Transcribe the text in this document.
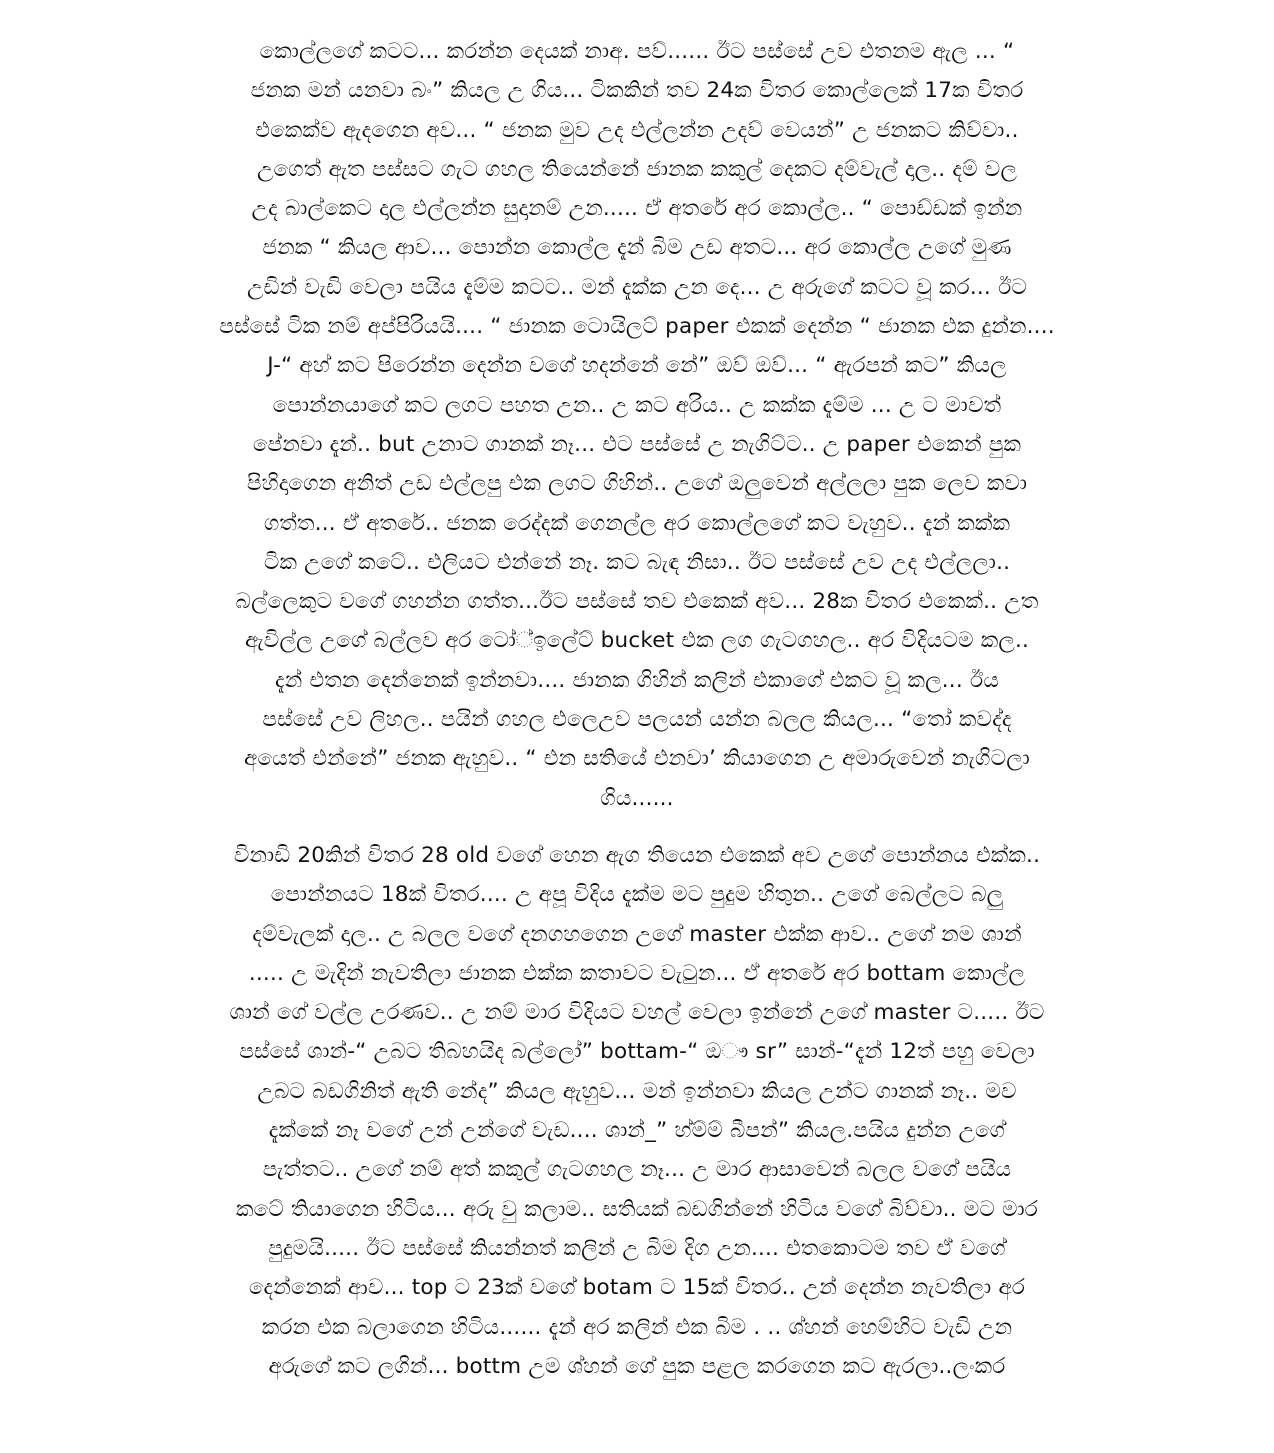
කොල්ලගේ කටට... කරන්න දෙයක් නාඅ. පව්...... ඊට පස්සේ උව එතනම ඇල ... “
ජනක මන් යනවා බං” කියල උ ගිය... ටිකකින් තව 24ක විතර කොල්ලෙක් 17ක විතර
එකෙක්ව ඇදගෙන අව... “ ජනක මුව උද එල්ලන්න උදව් වෙයන්” උ ජනකට කිව්වා..
උගෙත් ඇත පස්සට ගැට ගහල තියෙන්නේ ජානක කකුල් දෙකට දම්වැල් දාල.. දම් වල
උද බාල්කෙට දාල එල්ලන්න සුදානම් උන..... ඒ අතරේ අර කොල්ල.. “ පොඩ්ඩක් ඉන්න
ජනක “ කියල ආව... පොන්න කොල්ල දැන් බිම උඩ අතට... අර කොල්ල උගේ මුණ
උඩින් වැඩි වෙලා පයිය දැම්ම කටට.. මන් දැක්ක උන දෙ... උ අරුගේ කටට වූ කර... ඊට
පස්සේ ටික නම් අප්පිරියයි.... “ ජානක ටොයිලට් paper එකක් දෙන්න “ ජානක එක දුන්න....
J-“ අහ් කට පිරෙන්න දෙන්න වගේ හදන්නේ නේ” ඔව් ඔව්... “ ඇරපන් කට” කියල
පොන්නයාගේ කට ලගට පහත උන.. උ කට අරිය.. උ කක්ක දැම්ම ... උ ට මාවත්
පේනවා දැන්.. but උනාට ගානක් නෑ... එට පස්සේ උ නැගිට්ට.. උ paper එකෙන් පුක
පිහිදාගෙන අනිත් උඩ එල්ලපු එක ලගට ගිහින්.. උගේ ඔලුවෙන් අල්ලලා පුක ලෙව කවා
ගත්ත... ඒ අතරේ.. ජනක රෙද්දක් ගෙනල්ල අර කොල්ලගේ කට වැහුව.. දැන් කක්ක
ටික උගේ කටේ.. එලියට එන්නේ නෑ. කට බැඳ නිසා.. ඊට පස්සේ උව උද එල්ලලා..
බල්ලෙකුට වගේ ගහන්න ගත්ත...ඊට පස්සේ තව එකෙක් අව... 28ක විතර එකෙක්.. උත
ඇවිල්ල උගේ බල්ලව අර ටෝ්ඉලේට් bucket එක ලග ගැටගහල.. අර විදියටම කල..
දැන් එතන දෙන්නෙක් ඉන්නවා.... ජානක ගිහින් කලින් එකාගේ එකට වූ කල... ඊය
පස්සේ උව ලිහල.. පයින් ගහල එලෙඋව පලයන් යන්න බලල කියල... “තෝ කවද්ද
අයෙත් එන්නේ” ජනක ඇහුව.. “ එන සතියේ එනවා’ කියාගෙන උ අමාරුවෙන් නැගිටලා
ගිය......
විනාඩි 20කින් විතර 28 old වගේ හෙන ඇග තියෙන එකෙක් අව උගේ පොන්නය එක්ක..
පොන්නයට 18ක් විතර.... උ අපූ විදිය දැක්ම මට පුදුම හිතුන.. උගේ බෙල්ලට බලු
දම්වැලක් දාල.. උ බලල වගේ දනගහගෙන උගේ master එක්ක ආව.. උගේ නම ශාන්
..... උ මැදින් නැවතිලා ජානක එක්ක කතාවට වැටුන... ඒ අතරේ අර bottam කොල්ල
ශාන් ගේ වල්ල උරණව.. උ නම් මාර විදියට වහල් වෙලා ඉන්නේ උගේ master ට..... ඊට
පස්සේ ශාන්-“ උබට තිබහයිද බල්ලෝ” bottam-“ ඔෟ sr” සාන්-“දැන් 12ත් පහු වෙලා
උබට බඩගිනිත් ඇති නේද” කියල ඇහුව... මන් ඉන්නවා කියල උන්ට ගානක් නෑ.. මව
දැක්කේ නෑ වගේ උන් උන්ගේ වැඩ.... ශාන්_” හ්ම්ම් බීපන්” කියල.පයිය දුන්න උගේ
පැත්තට.. උගේ නම් අත් කකුල් ගැටගහල නෑ... උ මාර ආසාවෙන් බලල වගේ පයිය
කටේ තියාගෙන හිටිය... අරු වු කලාම.. සතියක් බඩගින්නේ හිටිය වගේ බිව්වා.. මට මාර
පුදුමයි..... ඊට පස්සේ කියන්නත් කලින් උ බිම දිග උන.... එතකොටම තව ඒ වගේ
දෙන්නෙක් ආව... top ට 23ක් වගේ botam ට 15ක් විතර.. උන් දෙන්න නැවතිලා අර
කරන එක බලාගෙන හිටිය...... දැන් අර කලින් එක බිම . .. ශ්හන් හෙම්හිට වැඩි උන
අරුගේ කට ලගින්... bottm උම ශ්හන් ගේ පුක පළල කරගෙන කට ඇරලා..ලංකර
